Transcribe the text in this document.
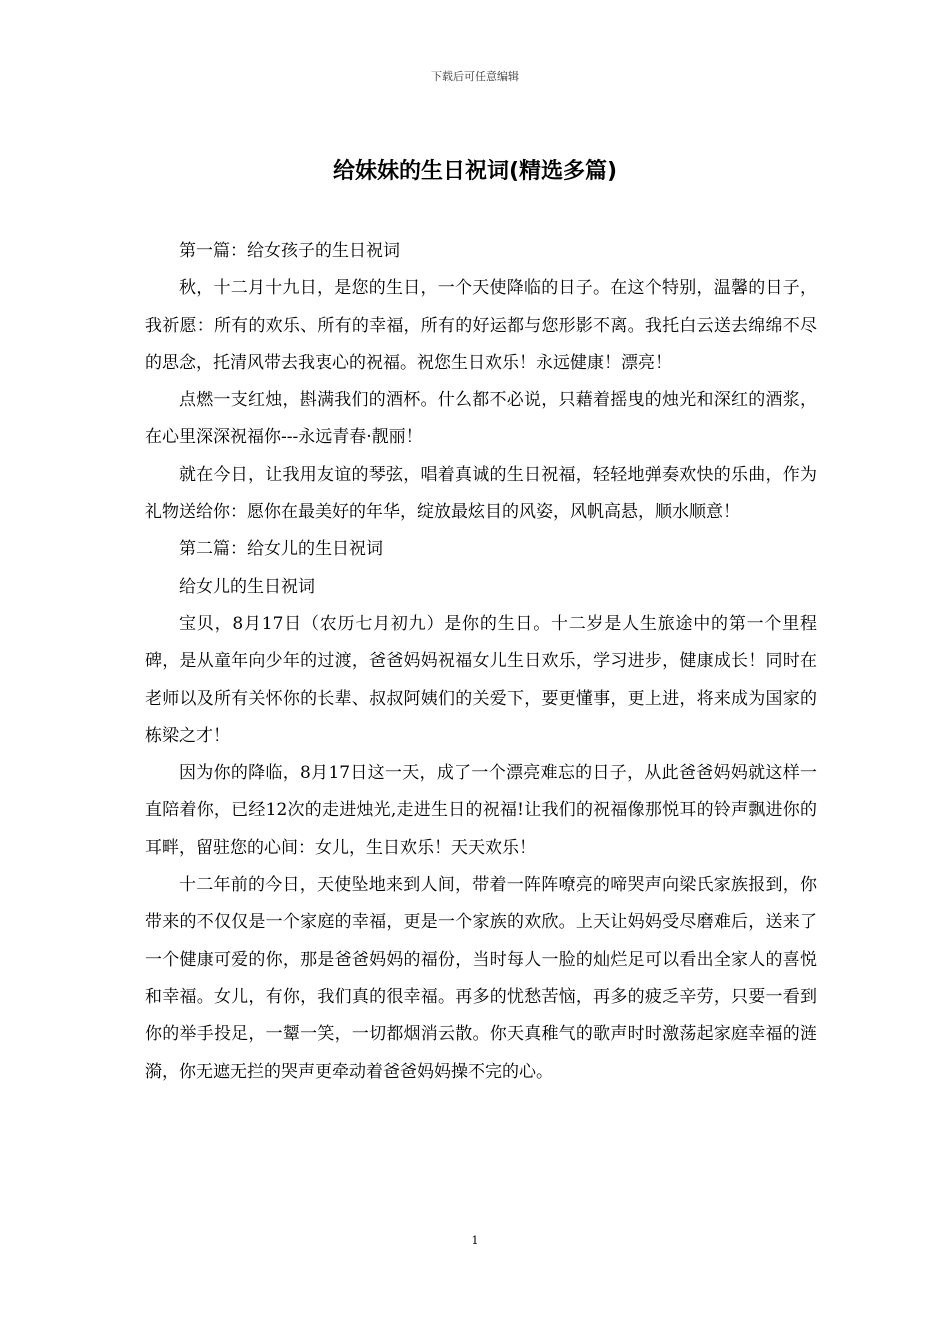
下载后可任意编辑
给妹妹的生日祝词(精选多篇)

第一篇：给女孩子的生日祝词

秋，十二月十九日，是您的生日，一个天使降临的日子。在这个特别，温馨的日子，我祈愿：所有的欢乐、所有的幸福，所有的好运都与您形影不离。我托白云送去绵绵不尽的思念，托清风带去我衷心的祝福。祝您生日欢乐！永远健康！漂亮！

点燃一支红烛，斟满我们的酒杯。什么都不必说，只藉着摇曳的烛光和深红的酒浆，在心里深深祝福你---永远青春·靓丽！

就在今日，让我用友谊的琴弦，唱着真诚的生日祝福，轻轻地弹奏欢快的乐曲，作为礼物送给你：愿你在最美好的年华，绽放最炫目的风姿，风帆高悬，顺水顺意！

第二篇：给女儿的生日祝词

给女儿的生日祝词

宝贝，8月17日（农历七月初九）是你的生日。十二岁是人生旅途中的第一个里程碑，是从童年向少年的过渡，爸爸妈妈祝福女儿生日欢乐，学习进步，健康成长！同时在老师以及所有关怀你的长辈、叔叔阿姨们的关爱下，要更懂事，更上进，将来成为国家的栋梁之才！

因为你的降临，8月17日这一天，成了一个漂亮难忘的日子，从此爸爸妈妈就这样一直陪着你，已经12次的走进烛光,走进生日的祝福!让我们的祝福像那悦耳的铃声飘进你的耳畔，留驻您的心间：女儿，生日欢乐！天天欢乐！

十二年前的今日，天使坠地来到人间，带着一阵阵嘹亮的啼哭声向梁氏家族报到，你带来的不仅仅是一个家庭的幸福，更是一个家族的欢欣。上天让妈妈受尽磨难后，送来了一个健康可爱的你，那是爸爸妈妈的福份，当时每人一脸的灿烂足可以看出全家人的喜悦和幸福。女儿，有你，我们真的很幸福。再多的忧愁苦恼，再多的疲乏辛劳，只要一看到你的举手投足，一颦一笑，一切都烟消云散。你天真稚气的歌声时时激荡起家庭幸福的涟漪，你无遮无拦的哭声更牵动着爸爸妈妈操不完的心。

1
